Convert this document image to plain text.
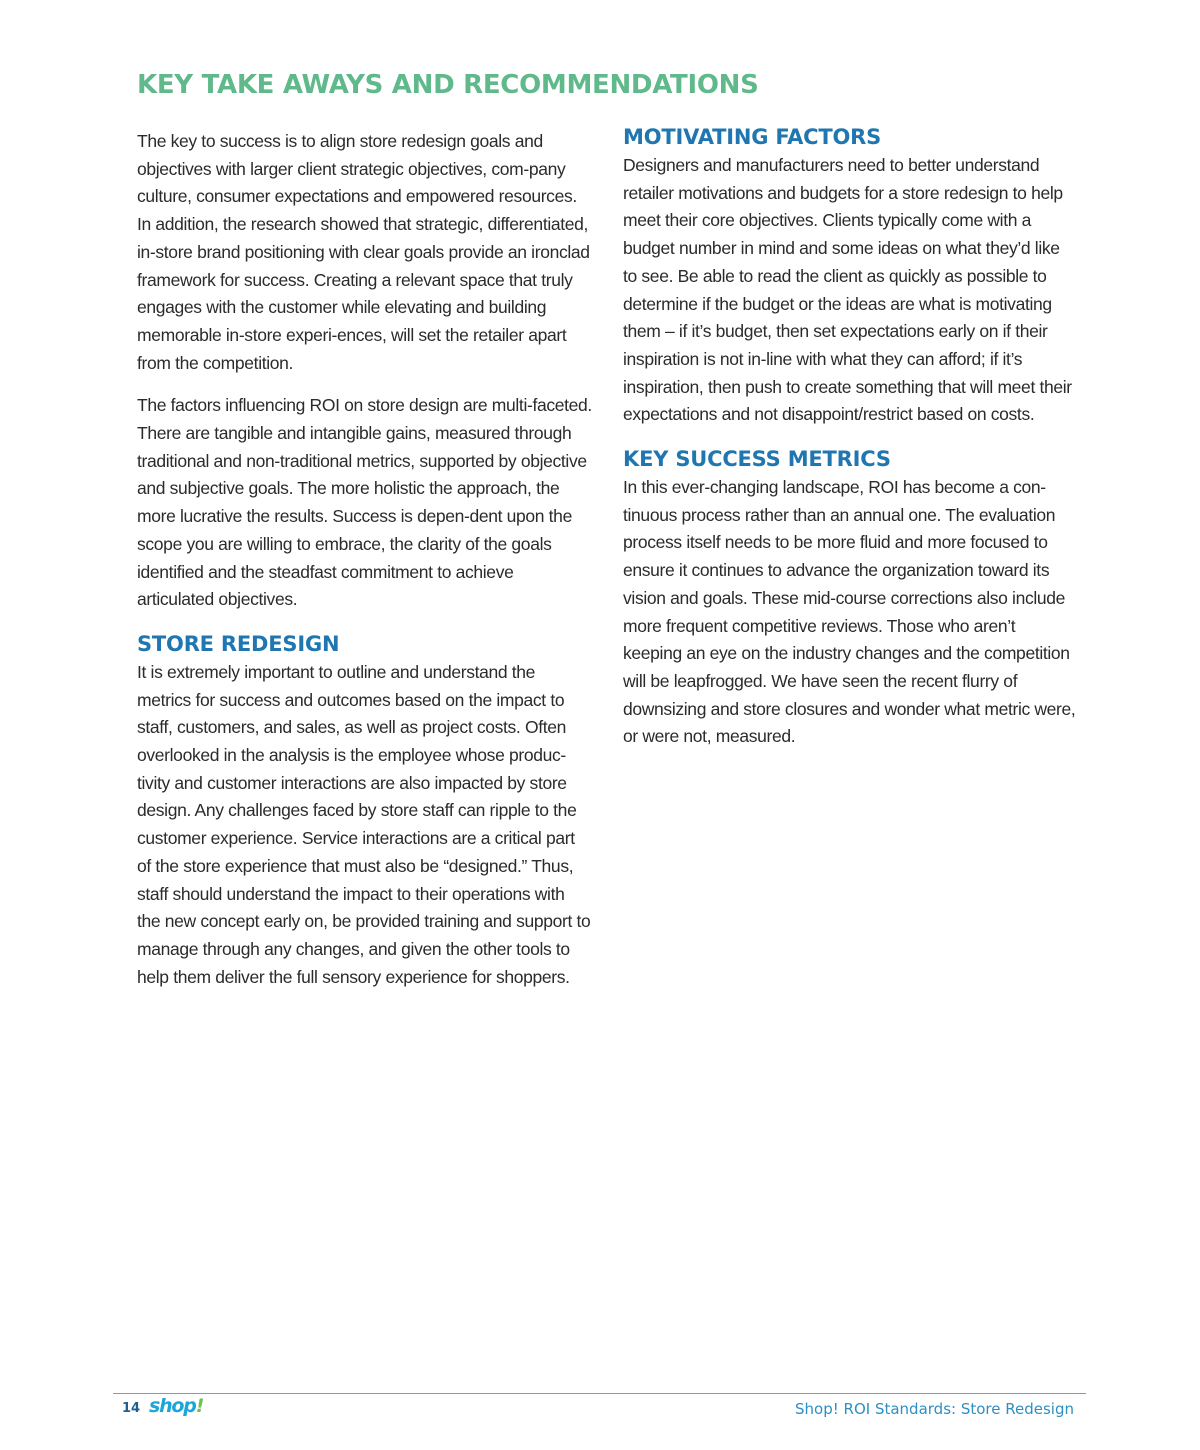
KEY TAKE AWAYS AND RECOMMENDATIONS

The key to success is to align store redesign goals and objectives with larger client strategic objectives, com-pany culture, consumer expectations and empowered resources. In addition, the research showed that strategic, differentiated, in-store brand positioning with clear goals provide an ironclad framework for success. Creating a relevant space that truly engages with the customer while elevating and building memorable in-store experi-ences, will set the retailer apart from the competition.

The factors influencing ROI on store design are multi-faceted. There are tangible and intangible gains, measured through traditional and non-traditional metrics, supported by objective and subjective goals. The more holistic the approach, the more lucrative the results. Success is depen-dent upon the scope you are willing to embrace, the clarity of the goals identified and the steadfast commitment to achieve articulated objectives.

STORE REDESIGN

It is extremely important to outline and understand the metrics for success and outcomes based on the impact to staff, customers, and sales, as well as project costs. Often overlooked in the analysis is the employee whose produc-tivity and customer interactions are also impacted by store design. Any challenges faced by store staff can ripple to the customer experience. Service interactions are a critical part of the store experience that must also be “designed.” Thus, staff should understand the impact to their operations with the new concept early on, be provided training and support to manage through any changes, and given the other tools to help them deliver the full sensory experience for shoppers.

MOTIVATING FACTORS

Designers and manufacturers need to better understand retailer motivations and budgets for a store redesign to help meet their core objectives. Clients typically come with a budget number in mind and some ideas on what they’d like to see. Be able to read the client as quickly as possible to determine if the budget or the ideas are what is motivating them – if it’s budget, then set expectations early on if their inspiration is not in-line with what they can afford; if it’s inspiration, then push to create something that will meet their expectations and not disappoint/restrict based on costs.

KEY SUCCESS METRICS

In this ever-changing landscape, ROI has become a con-tinuous process rather than an annual one. The evaluation process itself needs to be more fluid and more focused to ensure it continues to advance the organization toward its vision and goals. These mid-course corrections also include more frequent competitive reviews. Those who aren’t keeping an eye on the industry changes and the competition will be leapfrogged. We have seen the recent flurry of downsizing and store closures and wonder what metric were, or were not, measured.

14 shop!	Shop! ROI Standards: Store Redesign
